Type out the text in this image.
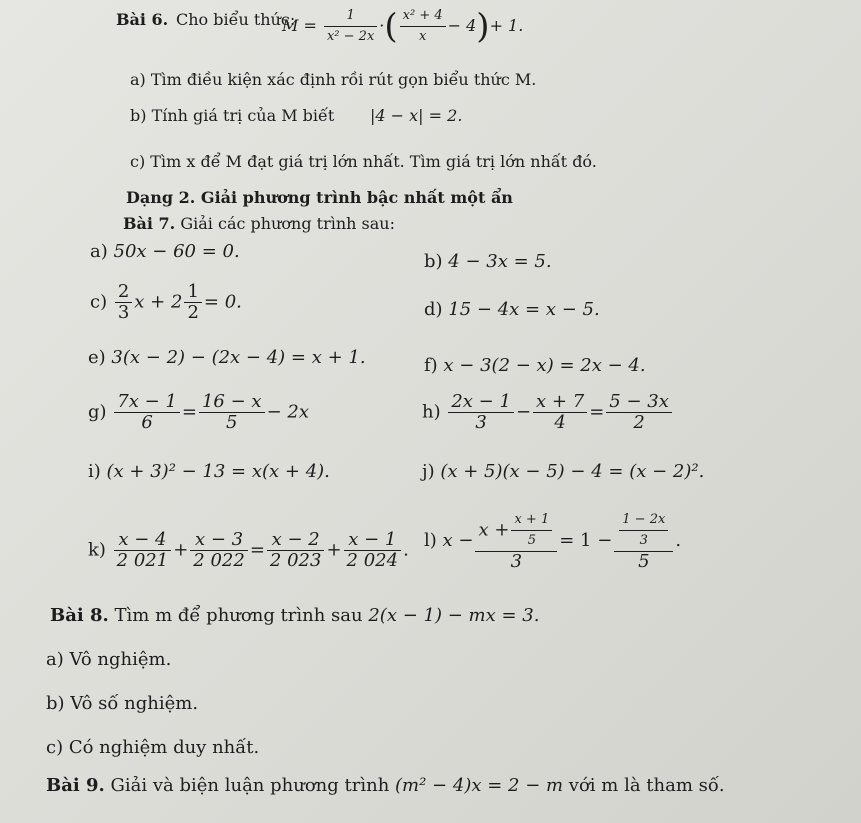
Bài 6. Cho biểu thức:
$M = \frac{1}{\text{x² − 2x}}$ ·( $\frac{\text{x² + 4}}{x} - 4)+ 1$.
a) Tìm điều kiện xác định rồi rút gọn biểu thức M.
b) Tính giá trị của M biết |4 − x| = 2.
c) Tìm x để M đạt giá trị lớn nhất. Tìm giá trị lớn nhất đó.
Dạng 2. Giải phương trình bậc nhất một ẩn
Bài 7. Giải các phương trình sau:
a) 50x − 60 = 0.	b) 4 − 3x = 5.
$c) \frac{2}{3}$ $x + 2 \frac{1}{2} = 0$.	d) 15 − 4x = x − 5.
e) 3(x − 2) − (2x − 4) = x + 1.	f) x − 3(2 − x) = 2x − 4.
$g) \frac{7x - 1}{6} = \frac{16 - x}{5} - 2x$	$h) \frac{2x - 1}{3} - \frac{x + 7}{4} = \frac{5 - 3x}{2}$
i) (x + 3)² − 13 = x(x + 4).	j) (x + 5)(x − 5) − 4 = (x − 2)².
$k) \frac{x - 4}{2 021} + \frac{x - 3}{2 022} = \frac{x - 2}{2 023} + \frac{x - 1}{2 024}$ . l) $x - \frac{x + \frac{x + 1}{5}}{3} = 1 - \frac{\frac{1 - 2x}{3}}{5}$ .
Bài 8. Tìm m để phương trình sau 2(x − 1) − mx = 3.
a) Vô nghiệm.
b) Vô số nghiệm.
c) Có nghiệm duy nhất.
Bài 9. Giải và biện luận phương trình (m² − 4)x = 2 − m với m là tham số.
